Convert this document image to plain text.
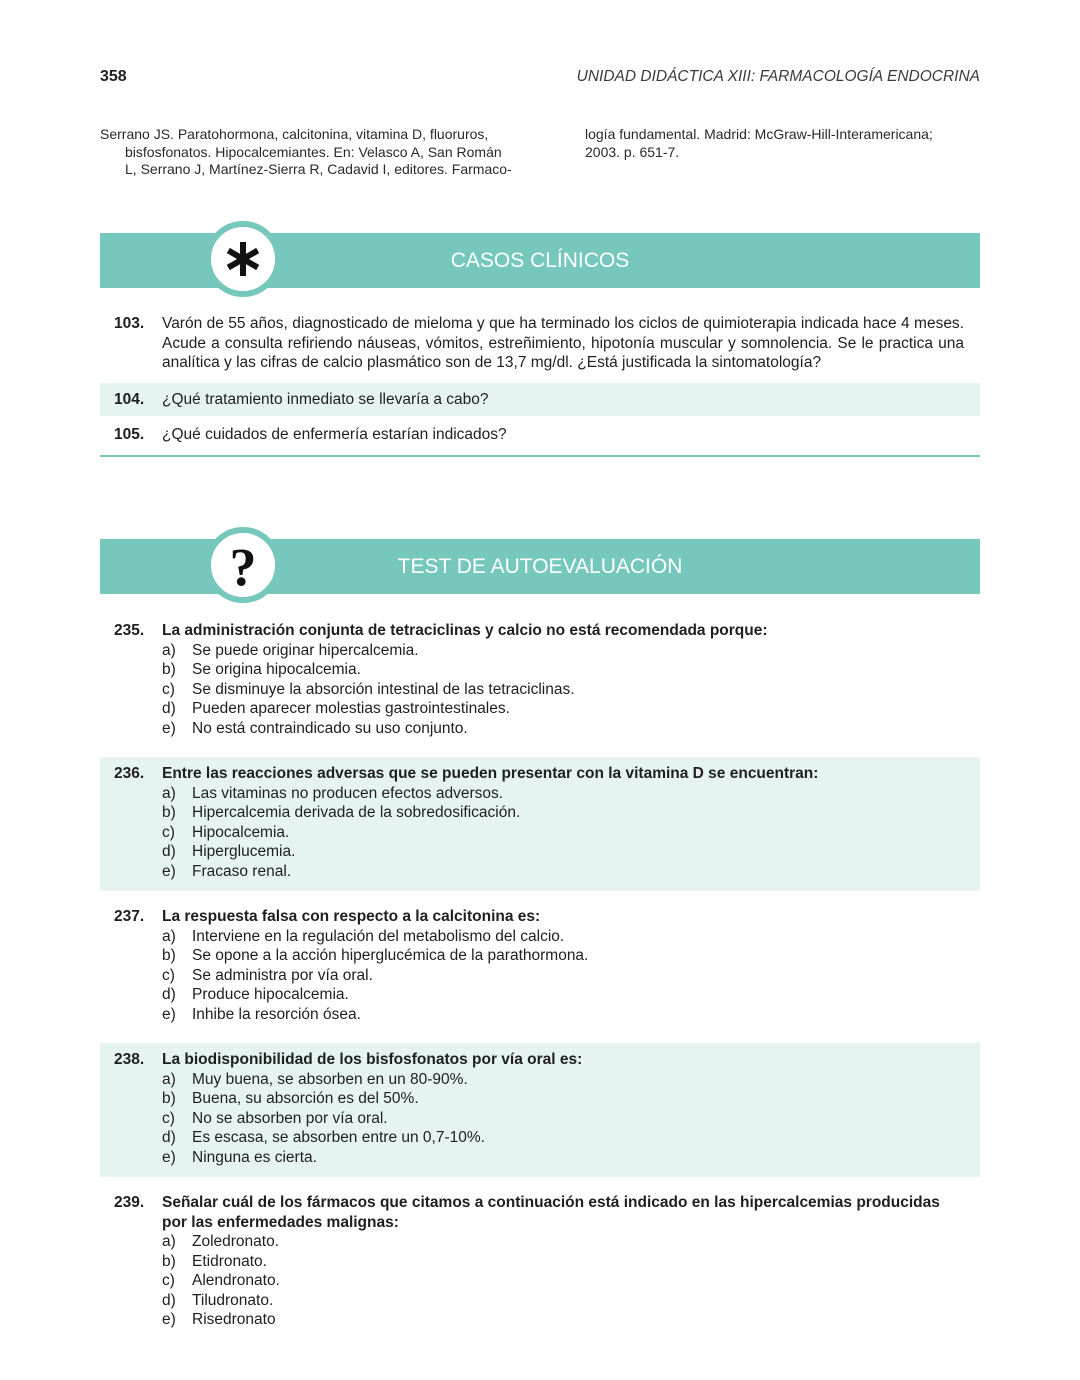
358	UNIDAD DIDÁCTICA XIII: FARMACOLOGÍA ENDOCRINA
Serrano JS. Paratohormona, calcitonina, vitamina D, fluoruros,
bisfosfonatos. Hipocalcemiantes. En: Velasco A, San Román
L, Serrano J, Martínez-Sierra R, Cadavid I, editores. Farmaco-
logía fundamental. Madrid: McGraw-Hill-Interamericana;
2003. p. 651-7.
CASOS CLÍNICOS
103. Varón de 55 años, diagnosticado de mieloma y que ha terminado los ciclos de quimioterapia indicada hace 4 meses. Acude a consulta refiriendo náuseas, vómitos, estreñimiento, hipotonía muscular y somnolencia. Se le practica una analítica y las cifras de calcio plasmático son de 13,7 mg/dl. ¿Está justificada la sintomatología?
104. ¿Qué tratamiento inmediato se llevaría a cabo?
105. ¿Qué cuidados de enfermería estarían indicados?
?	TEST DE AUTOEVALUACIÓN
235. La administración conjunta de tetraciclinas y calcio no está recomendada porque:
a) Se puede originar hipercalcemia.
b) Se origina hipocalcemia.
c) Se disminuye la absorción intestinal de las tetraciclinas.
d) Pueden aparecer molestias gastrointestinales.
e) No está contraindicado su uso conjunto.
236. Entre las reacciones adversas que se pueden presentar con la vitamina D se encuentran:
a) Las vitaminas no producen efectos adversos.
b) Hipercalcemia derivada de la sobredosificación.
c) Hipocalcemia.
d) Hiperglucemia.
e) Fracaso renal.
237. La respuesta falsa con respecto a la calcitonina es:
a) Interviene en la regulación del metabolismo del calcio.
b) Se opone a la acción hiperglucémica de la parathormona.
c) Se administra por vía oral.
d) Produce hipocalcemia.
e) Inhibe la resorción ósea.
238. La biodisponibilidad de los bisfosfonatos por vía oral es:
a) Muy buena, se absorben en un 80-90%.
b) Buena, su absorción es del 50%.
c) No se absorben por vía oral.
d) Es escasa, se absorben entre un 0,7-10%.
e) Ninguna es cierta.
239. Señalar cuál de los fármacos que citamos a continuación está indicado en las hipercalcemias producidas por las enfermedades malignas:
a) Zoledronato.
b) Etidronato.
c) Alendronato.
d) Tiludronato.
e) Risedronato
